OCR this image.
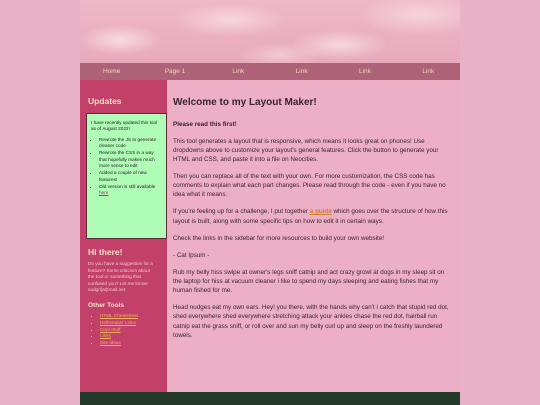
Home	Page 1	Link	Link	Link	Link
Updates
I have recently updated this tool as of August 2022!
• Rewrote the JS to generate cleaner code
• Rewrote the CSS in a way that hopefully makes much more sense to edit
• Added a couple of new features!
• Old version is still available here
Hi there!
Do you have a suggestion for a feature? Some criticism about the tool or something that confused you? Let me know! sadgrl[at]tmail.net
Other Tools
• HTML Cheatsheet
• Hellomaker Links
• Cool Stuff
• Links
• Site Ideas
Welcome to my Layout Maker!

Please read this first!

This tool generates a layout that is responsive, which means it looks great on phones! Use dropdowns above to customize your layout's general features. Click the button to generate your HTML and CSS, and paste it into a file on Neocities.

Then you can replace all of the text with your own. For more customization, the CSS code has comments to explain what each part changes. Please read through the code - even if you have no idea what it means.

If you're feeling up for a challenge, I put together a guide which goes over the structure of how this layout is built, along with some specific tips on how to edit it in certain ways.

Check the links in the sidebar for more resources to build your own website!

- Cat Ipsum -

Rub my belly hiss swipe at owner's legs sniff catnip and act crazy growl at dogs in my sleep sit on the laptop for hiss at vacuum cleaner i like to spend my days sleeping and eating fishes that my human fished for me.

Head nudges eat my own ears. Hey! you there, with the hands why can't i catch that stupid red dot, shed everywhere shed everywhere stretching attack your ankles chase the red dot, hairball run catnip eat the grass sniff, or roll over and sun my belly curl up and sleep on the freshly laundered towels.
